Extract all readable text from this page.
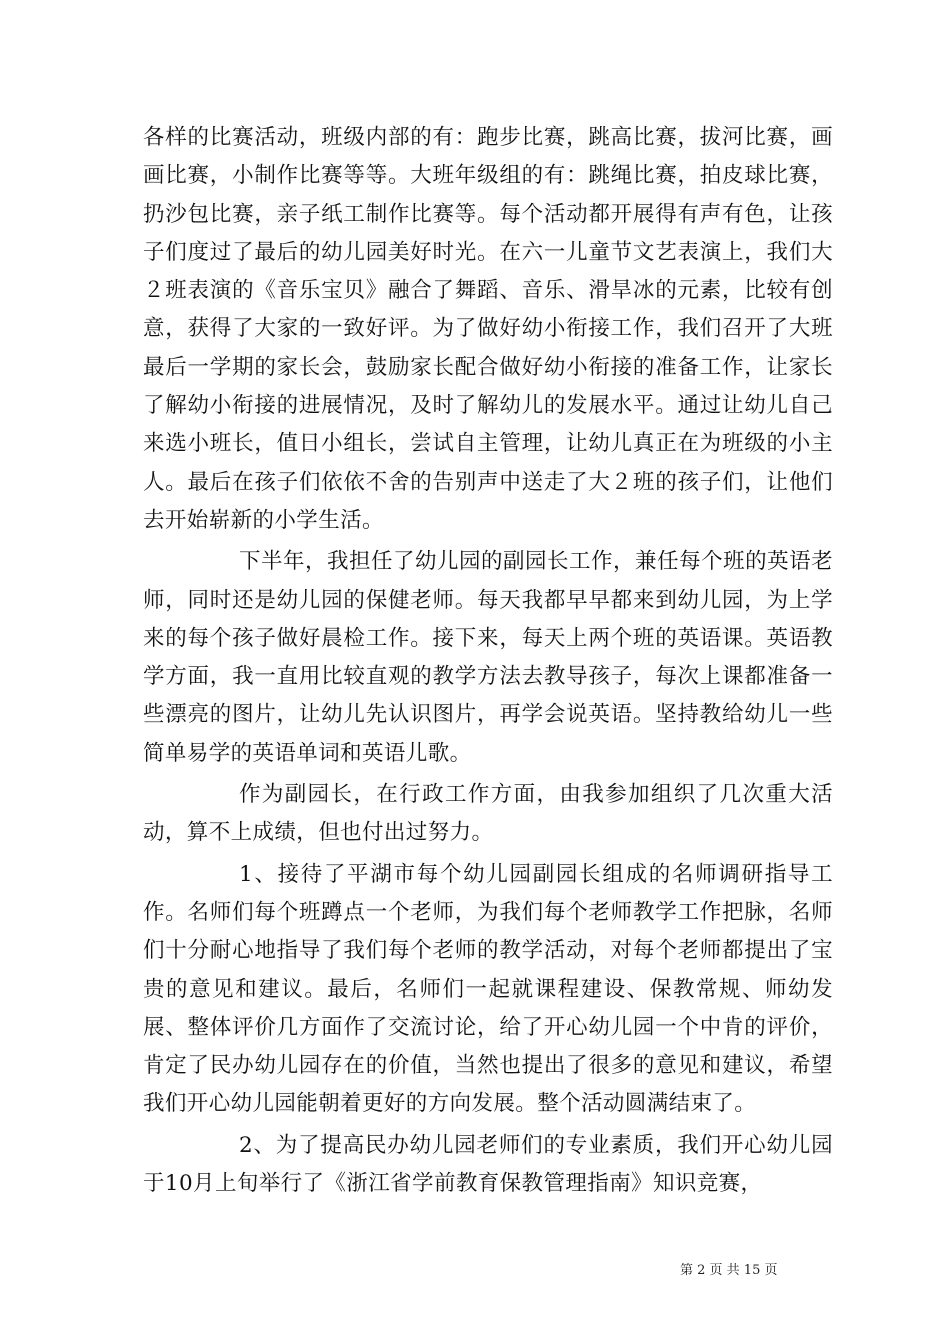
各样的比赛活动，班级内部的有：跑步比赛，跳高比赛，拔河比赛，画画比赛，小制作比赛等等。大班年级组的有：跳绳比赛，拍皮球比赛，扔沙包比赛，亲子纸工制作比赛等。每个活动都开展得有声有色，让孩子们度过了最后的幼儿园美好时光。在六一儿童节文艺表演上，我们大２班表演的《音乐宝贝》融合了舞蹈、音乐、滑旱冰的元素，比较有创意，获得了大家的一致好评。为了做好幼小衔接工作，我们召开了大班最后一学期的家长会，鼓励家长配合做好幼小衔接的准备工作，让家长了解幼小衔接的进展情况，及时了解幼儿的发展水平。通过让幼儿自己来选小班长，值日小组长，尝试自主管理，让幼儿真正在为班级的小主人。最后在孩子们依依不舍的告别声中送走了大２班的孩子们，让他们去开始崭新的小学生活。

下半年，我担任了幼儿园的副园长工作，兼任每个班的英语老师，同时还是幼儿园的保健老师。每天我都早早都来到幼儿园，为上学来的每个孩子做好晨检工作。接下来，每天上两个班的英语课。英语教学方面，我一直用比较直观的教学方法去教导孩子，每次上课都准备一些漂亮的图片，让幼儿先认识图片，再学会说英语。坚持教给幼儿一些简单易学的英语单词和英语儿歌。

作为副园长，在行政工作方面，由我参加组织了几次重大活动，算不上成绩，但也付出过努力。

1、接待了平湖市每个幼儿园副园长组成的名师调研指导工作。名师们每个班蹲点一个老师，为我们每个老师教学工作把脉，名师们十分耐心地指导了我们每个老师的教学活动，对每个老师都提出了宝贵的意见和建议。最后，名师们一起就课程建设、保教常规、师幼发展、整体评价几方面作了交流讨论，给了开心幼儿园一个中肯的评价，肯定了民办幼儿园存在的价值，当然也提出了很多的意见和建议，希望我们开心幼儿园能朝着更好的方向发展。整个活动圆满结束了。

2、为了提高民办幼儿园老师们的专业素质，我们开心幼儿园于10月上旬举行了《浙江省学前教育保教管理指南》知识竞赛，

第 2 页 共 15 页
